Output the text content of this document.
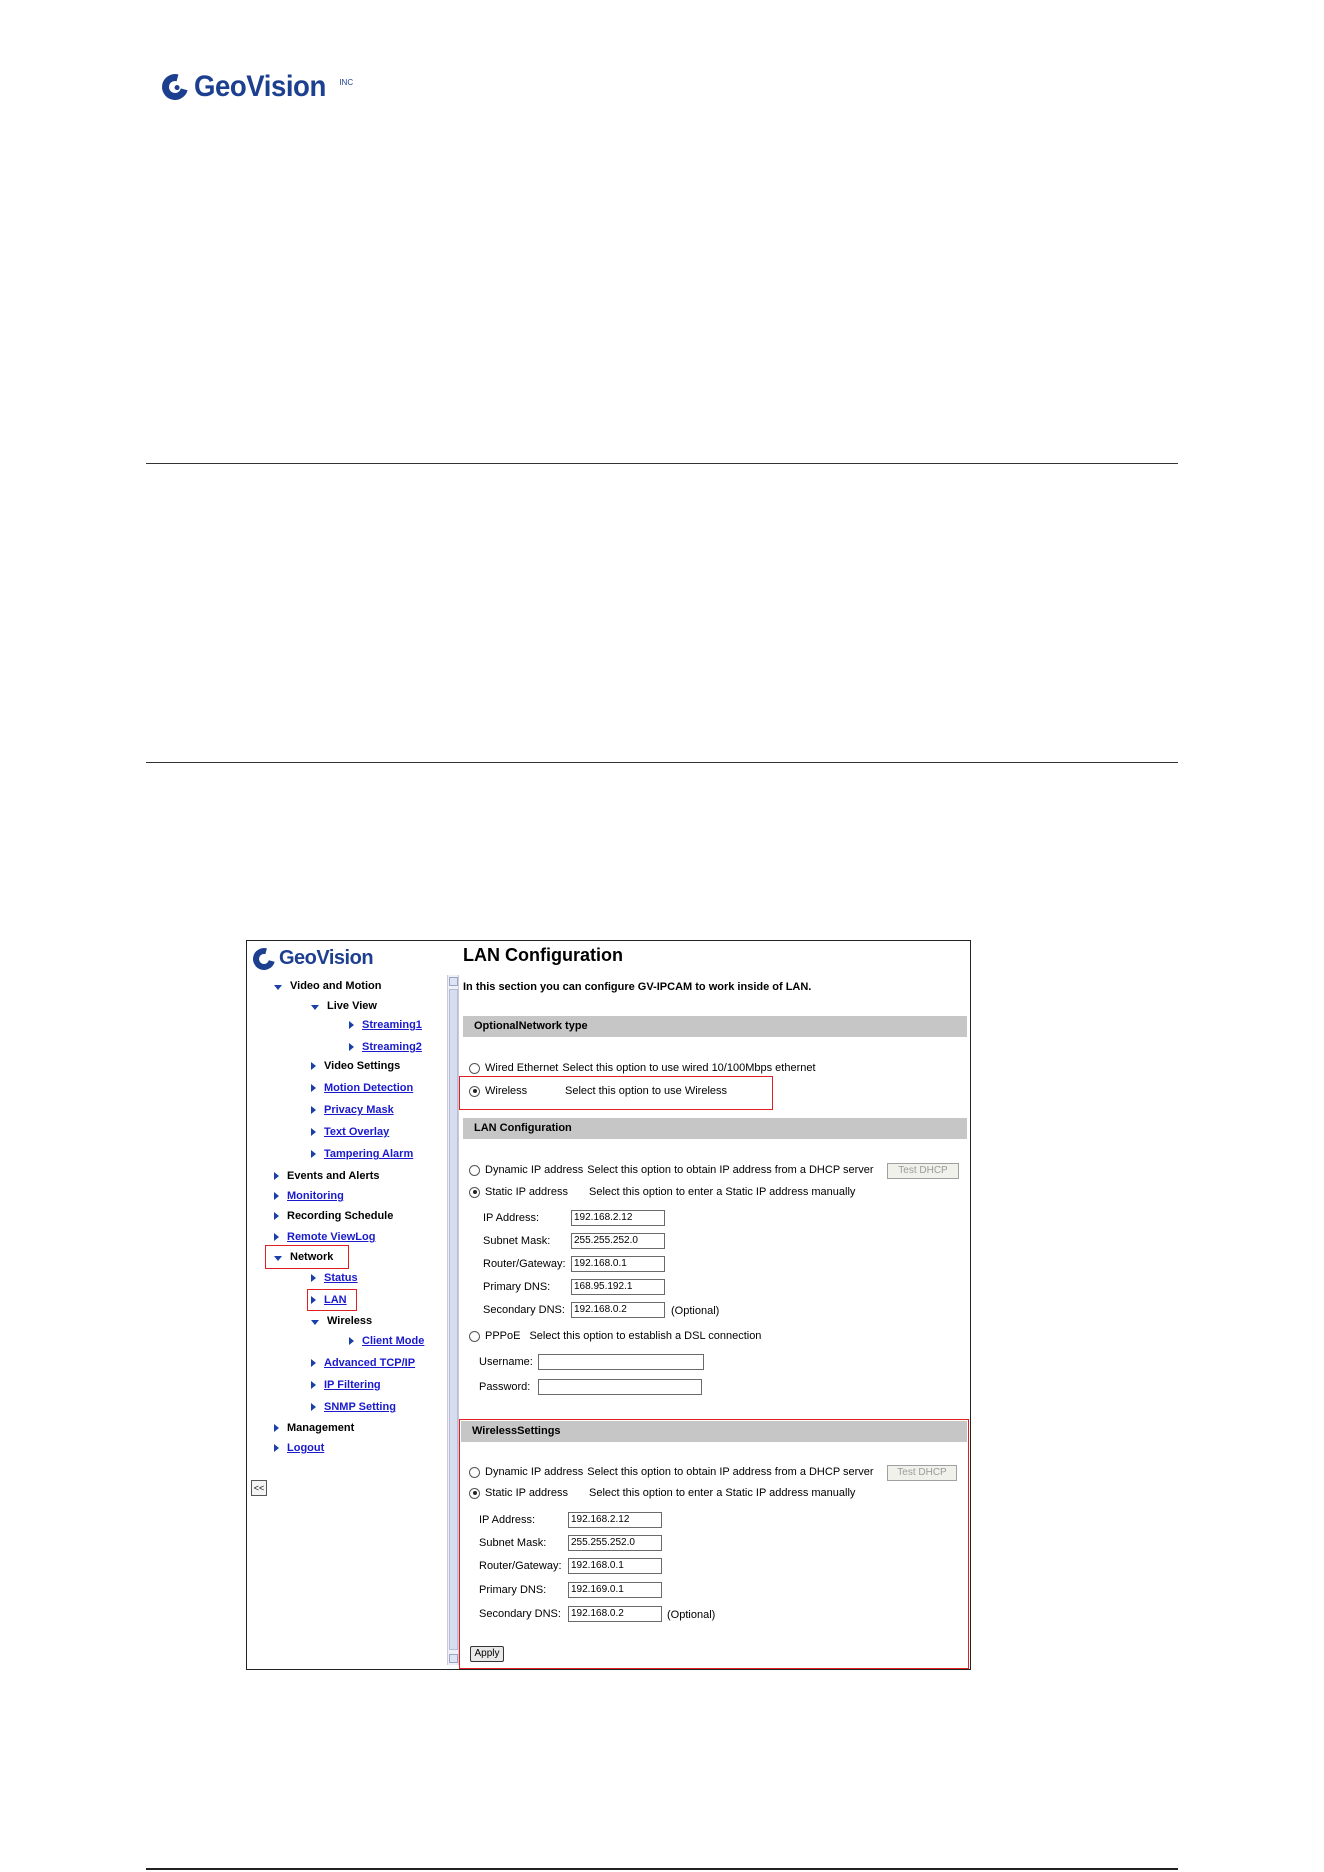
GeoVision INC
GeoVision
Video and Motion
Live View
Streaming1
Streaming2
Video Settings
Motion Detection
Privacy Mask
Text Overlay
Tampering Alarm
Events and Alerts
Monitoring
Recording Schedule
Remote ViewLog
Network
Status
LAN
Wireless
Client Mode
Advanced TCP/IP
IP Filtering
SNMP Setting
Management
Logout
<<
LAN Configuration
In this section you can configure GV-IPCAM to work inside of LAN.
OptionalNetwork type
Wired Ethernet Select this option to use wired 10/100Mbps ethernet
Wireless	Select this option to use Wireless
LAN Configuration
Dynamic IP address Select this option to obtain IP address from a DHCP server	Test DHCP
Static IP address	Select this option to enter a Static IP address manually
IP Address:	192.168.2.12
Subnet Mask:	255.255.252.0
Router/Gateway: 192.168.0.1
Primary DNS:	168.95.192.1
Secondary DNS: 192.168.0.2	(Optional)
PPPoE Select this option to establish a DSL connection
Username:
Password:
WirelessSettings
Dynamic IP address Select this option to obtain IP address from a DHCP server	Test DHCP
Static IP address	Select this option to enter a Static IP address manually
IP Address:	192.168.2.12
Subnet Mask:	255.255.252.0
Router/Gateway: 192.168.0.1
Primary DNS:	192.169.0.1
Secondary DNS:	192.168.0.2	(Optional)
Apply
